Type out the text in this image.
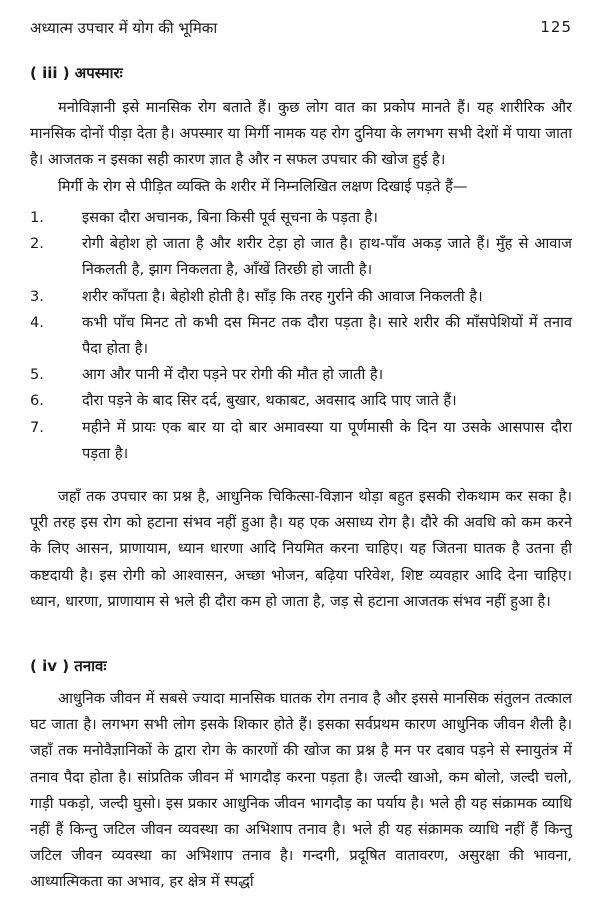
अध्यात्म उपचार में योग की भूमिका	125
( iii ) अपस्मारः

मनोविज्ञानी इसे मानसिक रोग बताते हैं। कुछ लोग वात का प्रकोप मानते हैं। यह शारीरिक और मानसिक दोनों पीड़ा देता है। अपस्मार या मिर्गी नामक यह रोग दुनिया के लगभग सभी देशों में पाया जाता है। आजतक न इसका सही कारण ज्ञात है और न सफल उपचार की खोज हुई है।

मिर्गी के रोग से पीड़ित व्यक्ति के शरीर में निम्नलिखित लक्षण दिखाई पड़ते हैं—

1.	इसका दौरा अचानक, बिना किसी पूर्व सूचना के पड़ता है।
2.	रोगी बेहोश हो जाता है और शरीर टेड़ा हो जात है। हाथ-पाँव अकड़ जाते हैं। मुँह से आवाज निकलती है, झाग निकलता है, आँखें तिरछी हो जाती है।
3.	शरीर काँपता है। बेहोशी होती है। साँड़ कि तरह गुर्राने की आवाज निकलती है।
4.	कभी पाँच मिनट तो कभी दस मिनट तक दौरा पड़ता है। सारे शरीर की माँसपेशियों में तनाव पैदा होता है।
5.	आग और पानी में दौरा पड़ने पर रोगी की मौत हो जाती है।
6.	दौरा पड़ने के बाद सिर दर्द, बुखार, थकाबट, अवसाद आदि पाए जाते हैं।
7.	महीने में प्रायः एक बार या दो बार अमावस्या या पूर्णमासी के दिन या उसके आसपास दौरा पड़ता है।

जहाँ तक उपचार का प्रश्न है, आधुनिक चिकित्सा-विज्ञान थोड़ा बहुत इसकी रोकथाम कर सका है। पूरी तरह इस रोग को हटाना संभव नहीं हुआ है। यह एक असाध्य रोग है। दौरे की अवधि को कम करने के लिए आसन, प्राणायाम, ध्यान धारणा आदि नियमित करना चाहिए। यह जितना घातक है उतना ही कष्टदायी है। इस रोगी को आश्वासन, अच्छा भोजन, बढ़िया परिवेश, शिष्ट व्यवहार आदि देना चाहिए। ध्यान, धारणा, प्राणायाम से भले ही दौरा कम हो जाता है, जड़ से हटाना आजतक संभव नहीं हुआ है।

( iv ) तनावः

आधुनिक जीवन में सबसे ज्यादा मानसिक घातक रोग तनाव है और इससे मानसिक संतुलन तत्काल घट जाता है। लगभग सभी लोग इसके शिकार होते हैं। इसका सर्वप्रथम कारण आधुनिक जीवन शैली है। जहाँ तक मनोवैज्ञानिकों के द्वारा रोग के कारणों की खोज का प्रश्न है मन पर दबाव पड़ने से स्नायुतंत्र में तनाव पैदा होता है। सांप्रतिक जीवन में भागदौड़ करना पड़ता है। जल्दी खाओ, कम बोलो, जल्दी चलो, गाड़ी पकड़ो, जल्दी घुसो। इस प्रकार आधुनिक जीवन भागदौड़ का पर्याय है। भले ही यह संक्रामक व्याधि नहीं हैं किन्तु जटिल जीवन व्यवस्था का अभिशाप तनाव है। भले ही यह संक्रामक व्याधि नहीं हैं किन्तु जटिल जीवन व्यवस्था का अभिशाप तनाव है। गन्दगी, प्रदूषित वातावरण, असुरक्षा की भावना, आध्यात्मिकता का अभाव, हर क्षेत्र में स्पर्द्धा
